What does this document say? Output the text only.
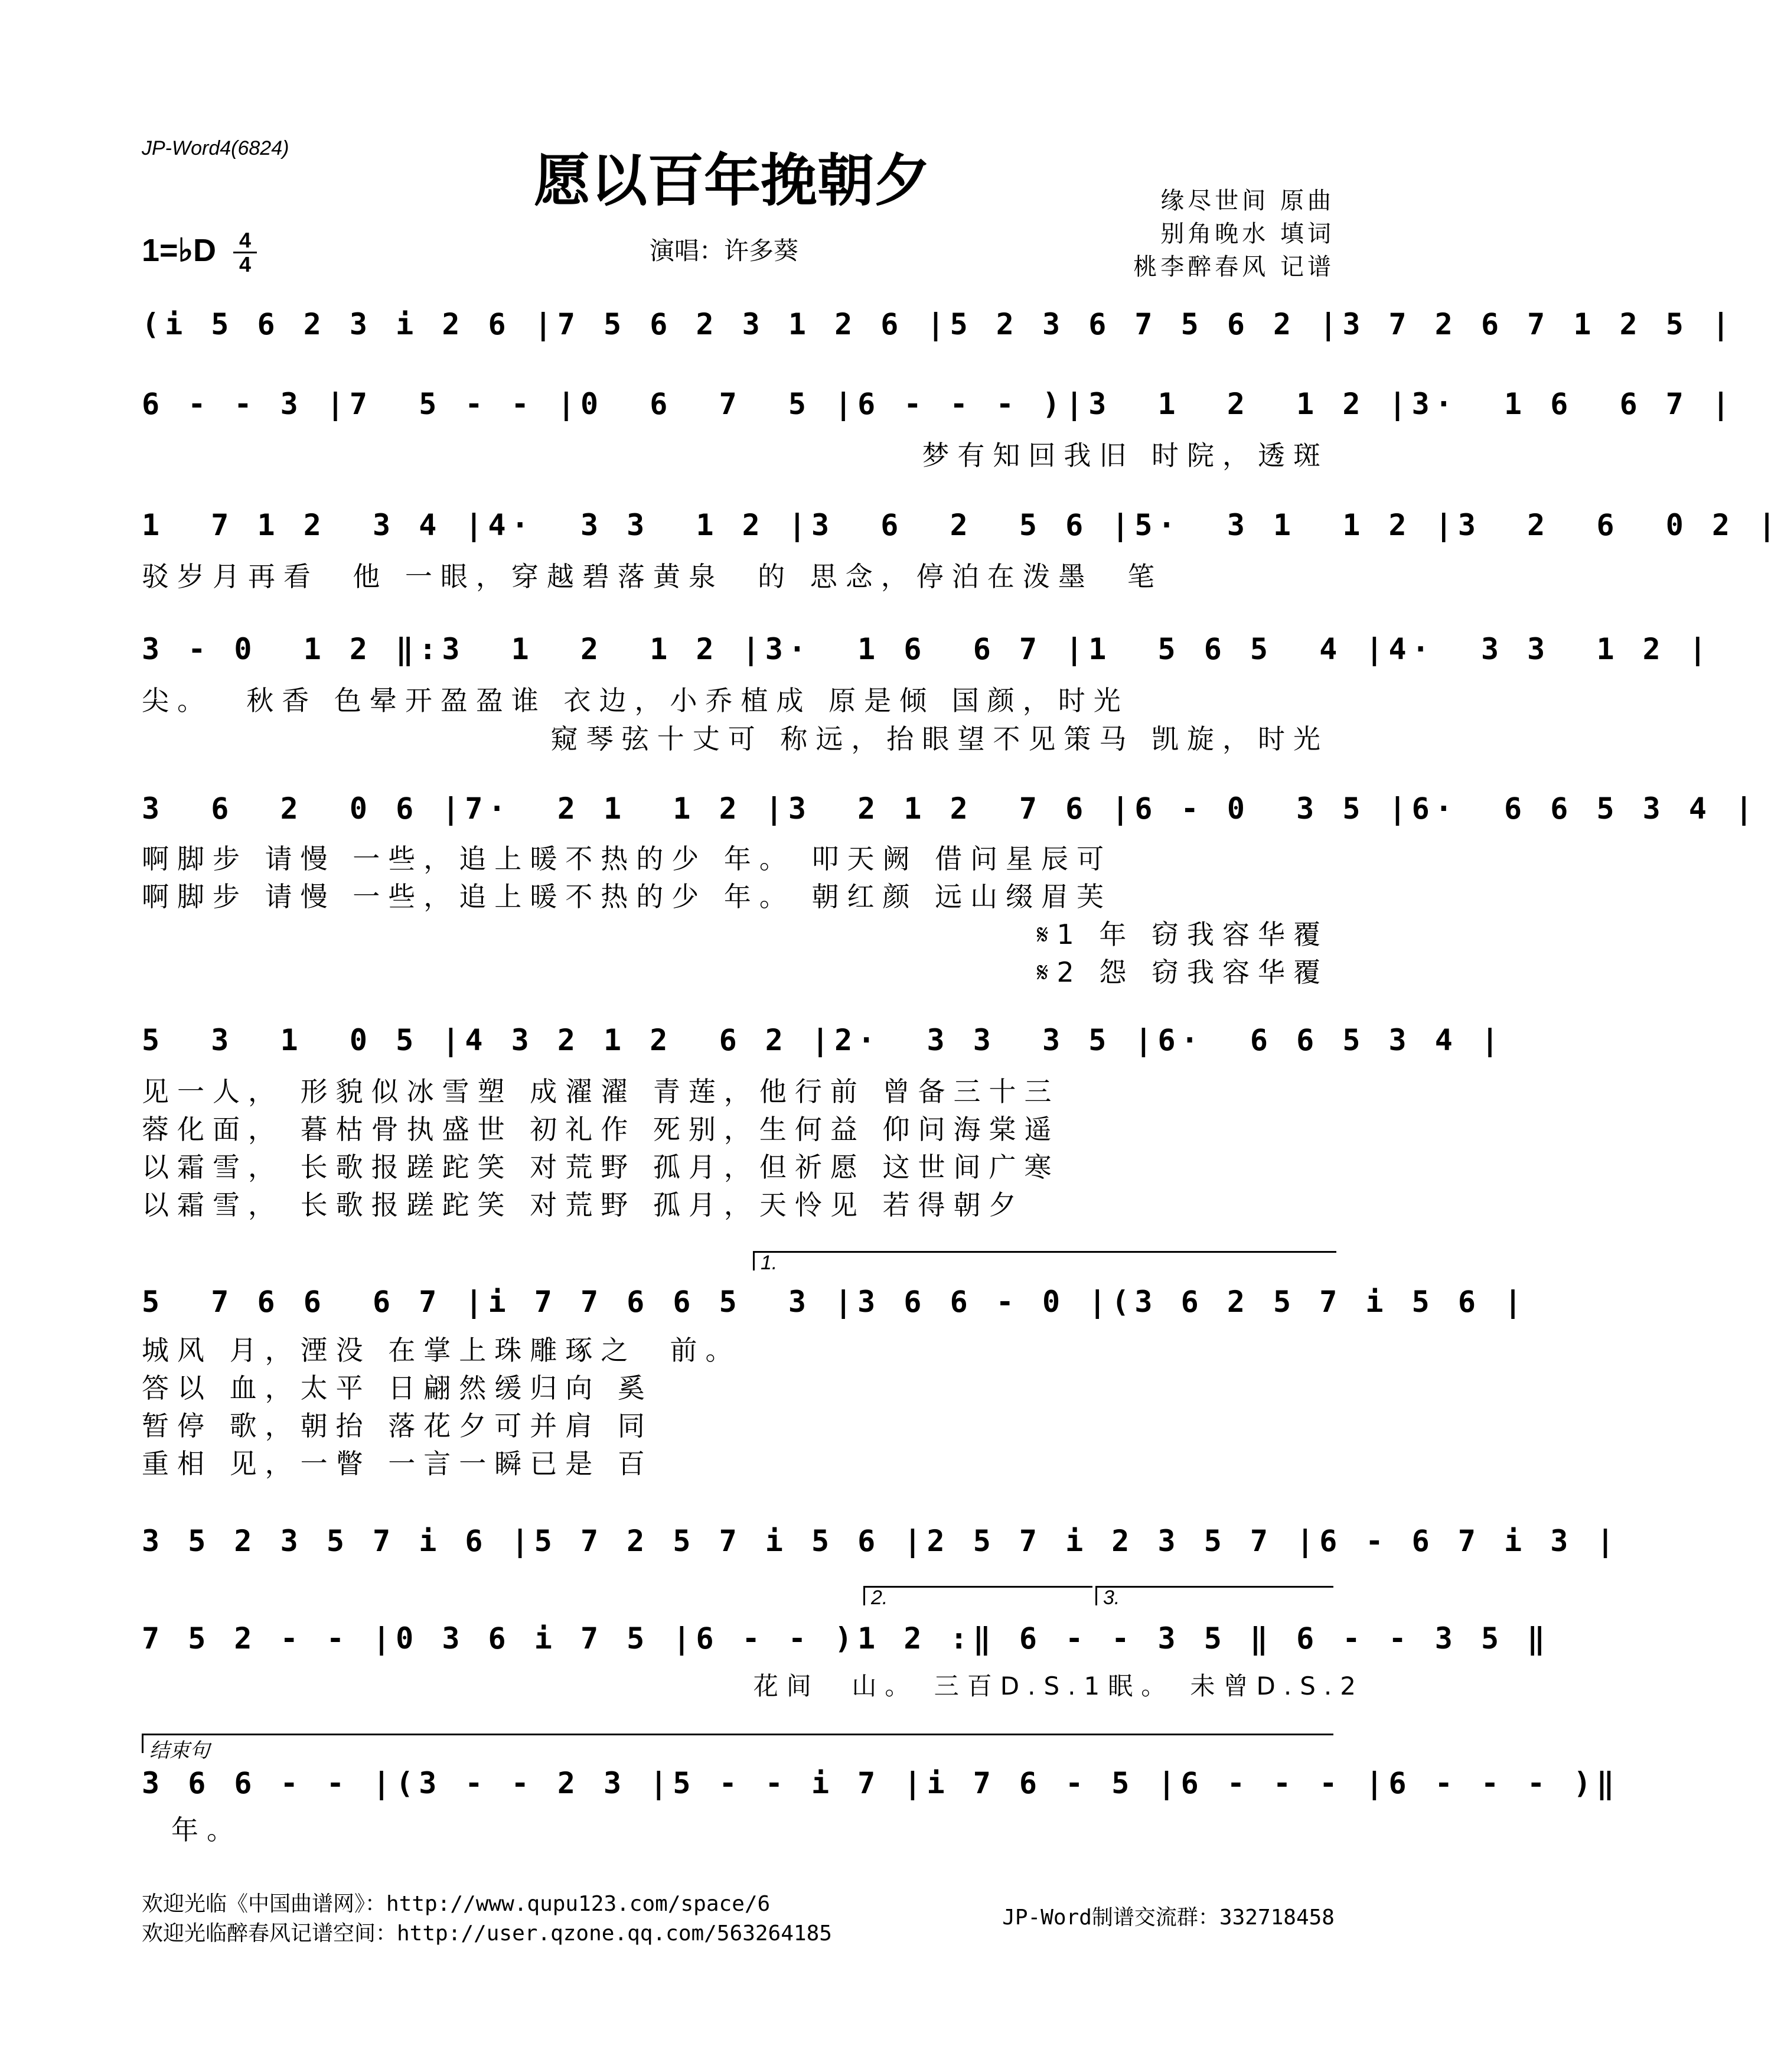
JP-Word4(6824)	愿以百年挽朝夕
1=♭D $\frac{4}{4}$	演唱：许多葵
缘尽世间 原曲
别角晚水 填词
桃李醉春风 记谱
(i 5 6 2 3 i 2 6 |7 5 6 2 3 1 2 6 |5 2 3 6 7 5 6 2 |3 7 2 6 7 1 2 5 |
6 - - 3 |7  5 - - |0  6  7  5 |6 - - - )|3  1  2  1 2 |3·  1 6  6 7 |
梦有知回我旧 时院，透斑
1  7 1 2  3 4 |4·  3 3  1 2 |3  6  2  5 6 |5·  3 1  1 2 |3  2  6  0 2 |
驳岁月再看  他 一眼，穿越碧落黄泉  的 思念，停泊在泼墨  笔
3 - 0  1 2 ‖:3  1  2  1 2 |3·  1 6  6 7 |1  5 6 5  4 |4·  3 3  1 2 |
尖。  秋香 色晕开盈盈谁 衣边，小乔植成 原是倾 国颜，时光
窥琴弦十丈可 称远，抬眼望不见策马 凯旋，时光
3  6  2  0 6 |7·  2 1  1 2 |3  2 1 2  7 6 |6 - 0  3 5 |6·  6 6 5 3 4 |
啊脚步 请慢 一些，追上暖不热的少 年。 叩天阙 借问星辰可
啊脚步 请慢 一些，追上暖不热的少 年。 朝红颜 远山缀眉芙
𝄋1 年 窃我容华覆
𝄋2 怨 窃我容华覆
5  3  1  0 5 |4 3 2 1 2  6 2 |2·  3 3  3 5 |6·  6 6 5 3 4 |
见一人， 形貌似冰雪塑 成濯濯 青莲，他行前 曾备三十三
蓉化面， 暮枯骨执盛世 初礼作 死别，生何益 仰问海棠遥
以霜雪， 长歌报蹉跎笑 对荒野 孤月，但祈愿 这世间广寒
以霜雪， 长歌报蹉跎笑 对荒野 孤月，天怜见 若得朝夕
1.
5  7 6 6  6 7 |i 7 7 6 6 5  3 |3 6 6 - 0 |(3 6 2 5 7 i 5 6 |
城风 月，湮没 在掌上珠雕琢之  前。
答以 血，太平 日翩然缓归向 奚
暂停 歌，朝抬 落花夕可并肩 同
重相 见，一瞥 一言一瞬已是 百
3 5 2 3 5 7 i 6 |5 7 2 5 7 i 5 6 |2 5 7 i 2 3 5 7 |6 - 6 7 i 3 |
2.	3.
7 5 2 - - |0 3 6 i 7 5 |6 - - )1 2 :‖ 6 - - 3 5 ‖ 6 - - 3 5 ‖
花间  山。 三百D.S.1眠。 未曾D.S.2
结束句
3 6 6 - - |(3 - - 2 3 |5 - - i 7 |i 7 6 - 5 |6 - - - |6 - - - )‖
年。
欢迎光临《中国曲谱网》：http://www.qupu123.com/space/6
欢迎光临醉春风记谱空间：http://user.qzone.qq.com/563264185
JP-Word制谱交流群：332718458
